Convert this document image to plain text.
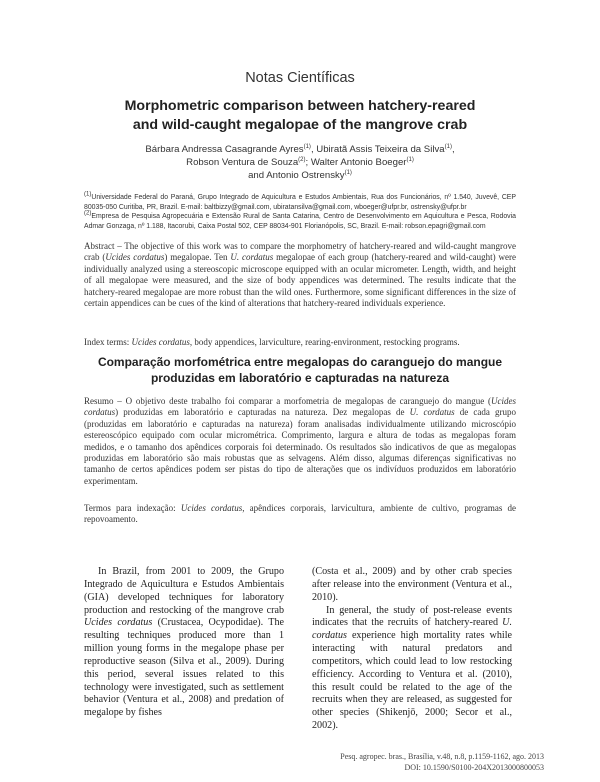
Notas Científicas
Morphometric comparison between hatchery-reared
and wild-caught megalopae of the mangrove crab
Bárbara Andressa Casagrande Ayres$^{(1)}$, Ubiratã Assis Teixeira da Silva$^{(1)}$,
Robson Ventura de Souza$^{(2)}$; Walter Antonio Boeger$^{(1)}$
and Antonio Ostrensky$^{(1)}$

$^{(1)}$Universidade Federal do Paraná, Grupo Integrado de Aquicultura e Estudos Ambientais, Rua dos Funcionários, nº 1.540, Juvevê, CEP 80035-050 Curitiba, PR, Brazil. E-mail: baltbizzy@gmail.com, ubiratansilva@gmail.com, wboeger@ufpr.br, ostrensky@ufpr.br

$^{(2)}$Empresa de Pesquisa Agropecuária e Extensão Rural de Santa Catarina, Centro de Desenvolvimento em Aquicultura e Pesca, Rodovia Admar Gonzaga, nº 1.188, Itacorubi, Caixa Postal 502, CEP 88034-901 Florianópolis, SC, Brazil. E-mail: robson.epagri@gmail.com

Abstract – The objective of this work was to compare the morphometry of hatchery-reared and wild-caught mangrove crab (Ucides cordatus) megalopae. Ten U. cordatus megalopae of each group (hatchery-reared and wild-caught) were individually analyzed using a stereoscopic microscope equipped with an ocular micrometer. Length, width, and height of all megalopae were measured, and the size of body appendices was determined. The results indicate that the hatchery-reared megalopae are more robust than the wild ones. Furthermore, some significant differences in the size of certain appendices can be cues of the kind of alterations that hatchery-reared individuals experience.

Index terms: Ucides cordatus, body appendices, larviculture, rearing-environment, restocking programs.

Comparação morfométrica entre megalopas do caranguejo do mangue
produzidas em laboratório e capturadas na natureza

Resumo – O objetivo deste trabalho foi comparar a morfometria de megalopas de caranguejo do mangue (Ucides cordatus) produzidas em laboratório e capturadas na natureza. Dez megalopas de U. cordatus de cada grupo (produzidas em laboratório e capturadas na natureza) foram analisadas individualmente utilizando microscópio estereoscópico equipado com ocular micrométrica. Comprimento, largura e altura de todas as megalopas foram medidos, e o tamanho dos apêndices corporais foi determinado. Os resultados são indicativos de que as megalopas produzidas em laboratório são mais robustas que as selvagens. Além disso, algumas diferenças significativas no tamanho de certos apêndices podem ser pistas do tipo de alterações que os indivíduos produzidos em laboratório experimentam.

Termos para indexação: Ucides cordatus, apêndices corporais, larvicultura, ambiente de cultivo, programas de repovoamento.

In Brazil, from 2001 to 2009, the Grupo Integrado de Aquicultura e Estudos Ambientais (GIA) developed techniques for laboratory production and restocking of the mangrove crab Ucides cordatus (Crustacea, Ocypodidae). The resulting techniques produced more than 1 million young forms in the megalope phase per reproductive season (Silva et al., 2009). During this period, several issues related to this technology were investigated, such as settlement behavior (Ventura et al., 2008) and predation of megalope by fishes

(Costa et al., 2009) and by other crab species after release into the environment (Ventura et al., 2010).

In general, the study of post-release events indicates that the recruits of hatchery-reared U. cordatus experience high mortality rates while interacting with natural predators and competitors, which could lead to low restocking efficiency. According to Ventura et al. (2010), this result could be related to the age of the recruits when they are released, as suggested for other species (Shikenjō, 2000; Secor et al., 2002).

Pesq. agropec. bras., Brasília, v.48, n.8, p.1159-1162, ago. 2013
DOI: 10.1590/S0100-204X2013000800053
